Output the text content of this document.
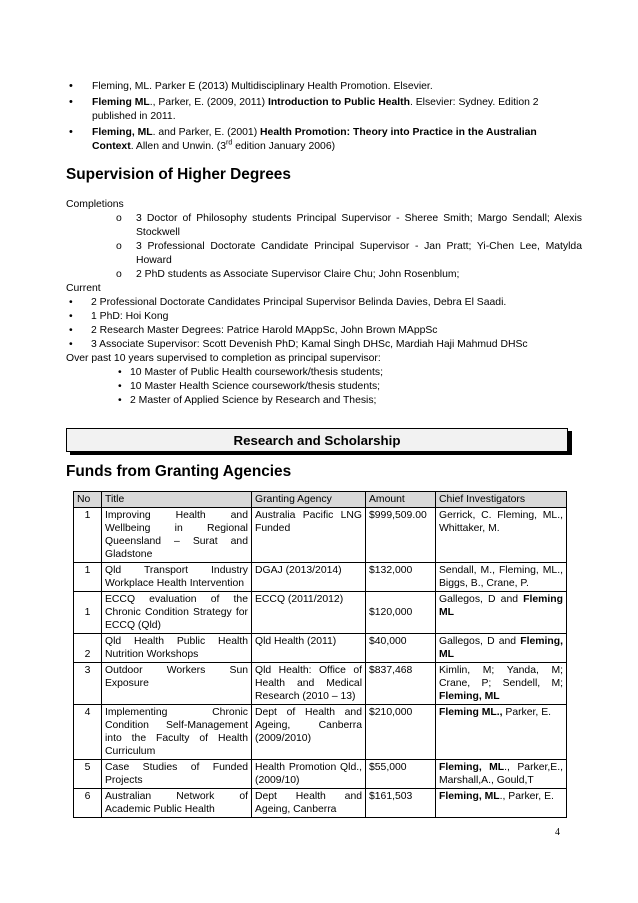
• Fleming, ML. Parker E (2013) Multidisciplinary Health Promotion. Elsevier.
• Fleming ML., Parker, E. (2009, 2011) Introduction to Public Health. Elsevier: Sydney. Edition 2 published in 2011.
• Fleming, ML. and Parker, E. (2001) Health Promotion: Theory into Practice in the Australian Context. Allen and Unwin. (3rd edition January 2006)
Supervision of Higher Degrees

Completions

o 3 Doctor of Philosophy students Principal Supervisor - Sheree Smith; Margo Sendall; Alexis Stockwell
o 3 Professional Doctorate Candidate Principal Supervisor - Jan Pratt; Yi-Chen Lee, Matylda Howard
o 2 PhD students as Associate Supervisor Claire Chu; John Rosenblum;

Current

• 2 Professional Doctorate Candidates Principal Supervisor Belinda Davies, Debra El Saadi.
• 1 PhD: Hoi Kong
• 2 Research Master Degrees: Patrice Harold MAppSc, John Brown MAppSc
• 3 Associate Supervisor: Scott Devenish PhD; Kamal Singh DHSc, Mardiah Haji Mahmud DHSc

Over past 10 years supervised to completion as principal supervisor:

• 10 Master of Public Health coursework/thesis students;
• 10 Master Health Science coursework/thesis students;
• 2 Master of Applied Science by Research and Thesis;
Research and Scholarship
Funds from Granting Agencies
No	Title	Granting Agency	Amount	Chief Investigators
1	Improving Health and Wellbeing in Regional Queensland – Surat and Gladstone	Australia Pacific LNG Funded	$999,509.00	Gerrick, C. Fleming, ML., Whittaker, M.
1	Qld Transport Industry Workplace Health Intervention	DGAJ (2013/2014)	$132,000	Sendall, M., Fleming, ML., Biggs, B., Crane, P.
1	ECCQ evaluation of the Chronic Condition Strategy for ECCQ (Qld)	ECCQ (2011/2012)	$120,000	Gallegos, D and Fleming ML
2	Qld Health Public Health Nutrition Workshops	Qld Health (2011)	$40,000	Gallegos, D and Fleming, ML
3	Outdoor Workers Sun Exposure	Qld Health: Office of Health and Medical Research (2010 – 13)	$837,468	Kimlin, M; Yanda, M; Crane, P; Sendell, M; Fleming, ML
4	Implementing Chronic Condition Self-Management into the Faculty of Health Curriculum	Dept of Health and Ageing, Canberra (2009/2010)	$210,000	Fleming ML., Parker, E.
5	Case Studies of Funded Projects	Health Promotion Qld., (2009/10)	$55,000	Fleming, ML., Parker,E., Marshall,A., Gould,T
6	Australian Network of Academic Public Health	Dept Health and Ageing, Canberra	$161,503	Fleming, ML., Parker, E.
4
